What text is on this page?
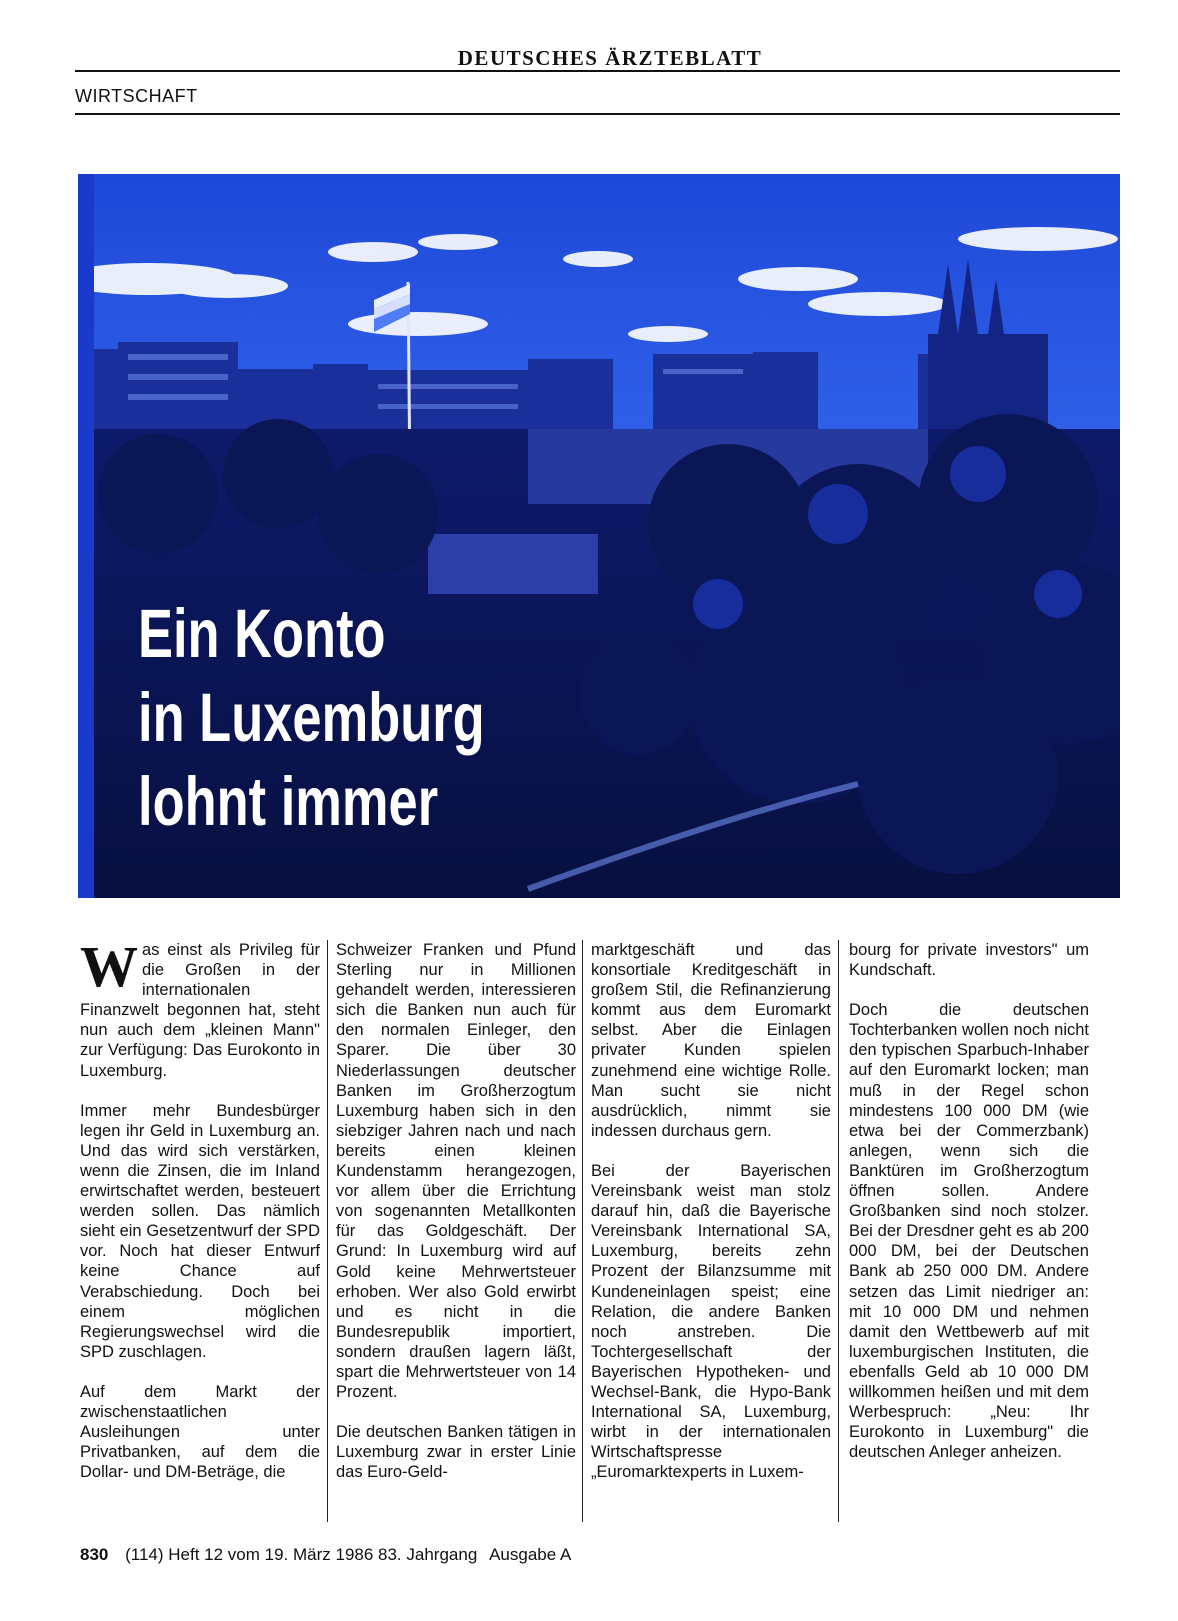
DEUTSCHES ÄRZTEBLATT
WIRTSCHAFT
Ein Konto
in Luxemburg
lohnt immer

Was einst als Privileg für die Großen in der internationalen Finanzwelt begonnen hat, steht nun auch dem „kleinen Mann" zur Verfügung: Das Eurokonto in Luxemburg.

Immer mehr Bundesbürger legen ihr Geld in Luxemburg an. Und das wird sich verstärken, wenn die Zinsen, die im Inland erwirtschaftet werden, besteuert werden sollen. Das nämlich sieht ein Gesetzentwurf der SPD vor. Noch hat dieser Entwurf keine Chance auf Verabschiedung. Doch bei einem möglichen Regierungswechsel wird die SPD zuschlagen.

Auf dem Markt der zwischenstaatlichen Ausleihungen unter Privatbanken, auf dem die Dollar- und DM-Beträge, die

Schweizer Franken und Pfund Sterling nur in Millionen gehandelt werden, interessieren sich die Banken nun auch für den normalen Einleger, den Sparer. Die über 30 Niederlassungen deutscher Banken im Großherzogtum Luxemburg haben sich in den siebziger Jahren nach und nach bereits einen kleinen Kundenstamm herangezogen, vor allem über die Errichtung von sogenannten Metallkonten für das Goldgeschäft. Der Grund: In Luxemburg wird auf Gold keine Mehrwertsteuer erhoben. Wer also Gold erwirbt und es nicht in die Bundesrepublik importiert, sondern draußen lagern läßt, spart die Mehrwertsteuer von 14 Prozent.

Die deutschen Banken tätigen in Luxemburg zwar in erster Linie das Euro-Geld-

marktgeschäft und das konsortiale Kreditgeschäft in großem Stil, die Refinanzierung kommt aus dem Euromarkt selbst. Aber die Einlagen privater Kunden spielen zunehmend eine wichtige Rolle. Man sucht sie nicht ausdrücklich, nimmt sie indessen durchaus gern.

Bei der Bayerischen Vereinsbank weist man stolz darauf hin, daß die Bayerische Vereinsbank International SA, Luxemburg, bereits zehn Prozent der Bilanzsumme mit Kundeneinlagen speist; eine Relation, die andere Banken noch anstreben. Die Tochtergesellschaft der Bayerischen Hypotheken- und Wechsel-Bank, die Hypo-Bank International SA, Luxemburg, wirbt in der internationalen Wirtschaftspresse „Euromarktexperts in Luxem-

bourg for private investors" um Kundschaft.

Doch die deutschen Tochterbanken wollen noch nicht den typischen Sparbuch-Inhaber auf den Euromarkt locken; man muß in der Regel schon mindestens 100 000 DM (wie etwa bei der Commerzbank) anlegen, wenn sich die Banktüren im Großherzogtum öffnen sollen. Andere Großbanken sind noch stolzer. Bei der Dresdner geht es ab 200 000 DM, bei der Deutschen Bank ab 250 000 DM. Andere setzen das Limit niedriger an: mit 10 000 DM und nehmen damit den Wettbewerb auf mit luxemburgischen Instituten, die ebenfalls Geld ab 10 000 DM willkommen heißen und mit dem Werbespruch: „Neu: Ihr Eurokonto in Luxemburg" die deutschen Anleger anheizen.

830 (114) Heft 12 vom 19. März 1986 83. Jahrgang Ausgabe A
